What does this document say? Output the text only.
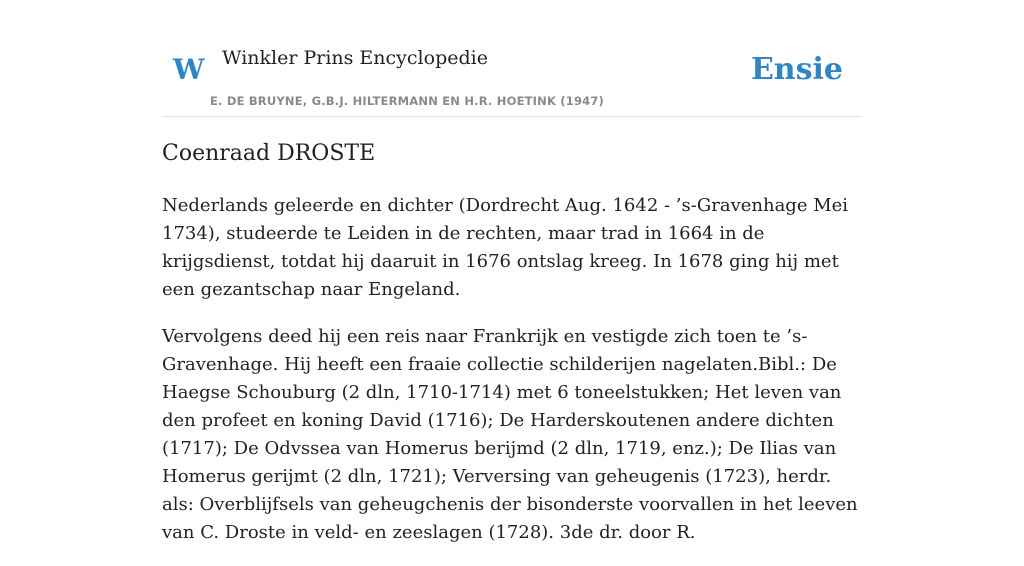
W Winkler Prins Encyclopedie
E. DE BRUYNE, G.B.J. HILTERMANN EN H.R. HOETINK (1947)
Ensie
Coenraad DROSTE

Nederlands geleerde en dichter (Dordrecht Aug. 1642 - ’s-Gravenhage Mei 1734), studeerde te Leiden in de rechten, maar trad in 1664 in de krijgsdienst, totdat hij daaruit in 1676 ontslag kreeg. In 1678 ging hij met een gezantschap naar Engeland.

Vervolgens deed hij een reis naar Frankrijk en vestigde zich toen te ’s-Gravenhage. Hij heeft een fraaie collectie schilderijen nagelaten.Bibl.: De Haegse Schouburg (2 dln, 1710-1714) met 6 toneelstukken; Het leven van den profeet en koning David (1716); De Harderskoutenen andere dichten (1717); De Odvssea van Homerus berijmd (2 dln, 1719, enz.); De Ilias van Homerus gerijmt (2 dln, 1721); Verversing van geheugenis (1723), herdr. als: Overblijfsels van geheugchenis der bisonderste voorvallen in het leeven van C. Droste in veld- en zeeslagen (1728). 3de dr. door R.
